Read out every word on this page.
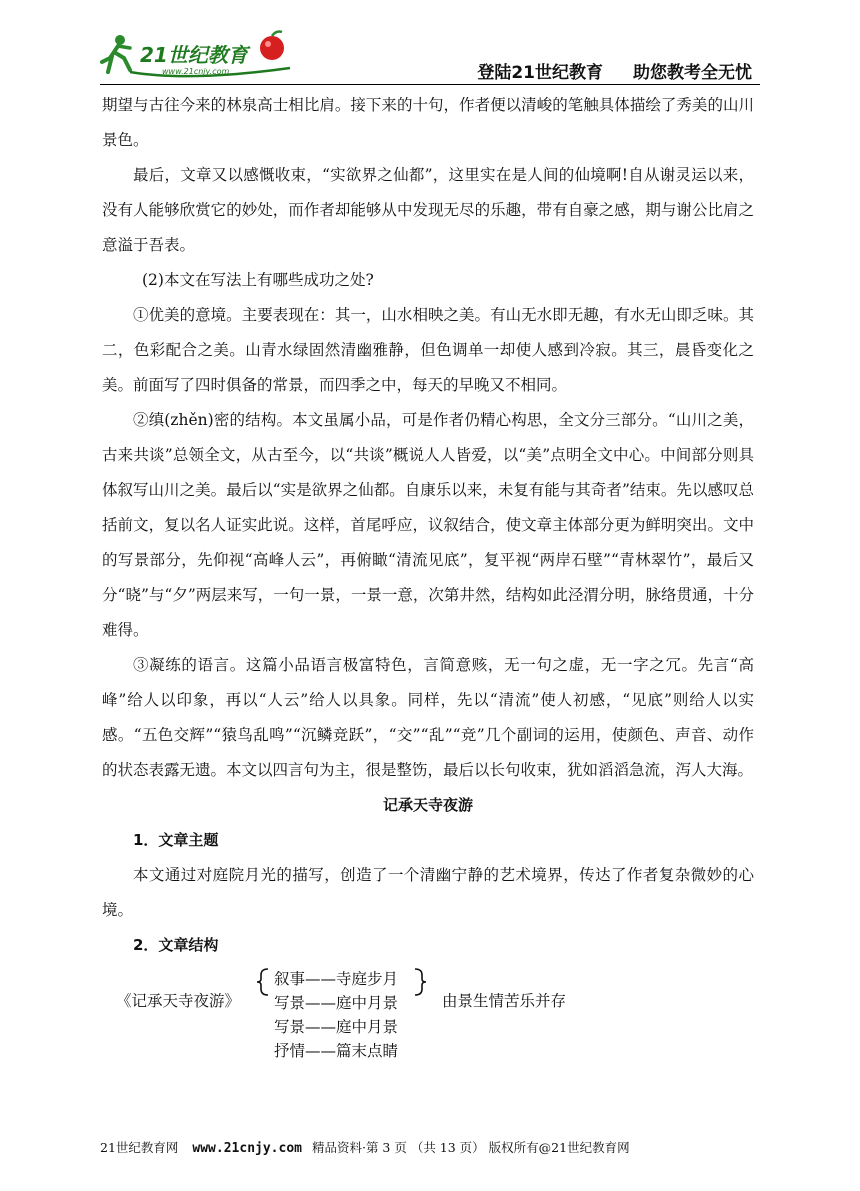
21世纪教育
www.21cnjy.com	登陆21世纪教育 助您教考全无忧

期望与古往今来的林泉高士相比肩。接下来的十句，作者便以清峻的笔触具体描绘了秀美的山川景色。

最后，文章又以感慨收束，“实欲界之仙都”，这里实在是人间的仙境啊!自从谢灵运以来，没有人能够欣赏它的妙处，而作者却能够从中发现无尽的乐趣，带有自豪之感，期与谢公比肩之意溢于吾表。

(2)本文在写法上有哪些成功之处?

①优美的意境。主要表现在：其一，山水相映之美。有山无水即无趣，有水无山即乏味。其二，色彩配合之美。山青水绿固然清幽雅静，但色调单一却使人感到冷寂。其三，晨昏变化之美。前面写了四时俱备的常景，而四季之中，每天的早晚又不相同。

②缜(zhěn)密的结构。本文虽属小品，可是作者仍精心构思，全文分三部分。“山川之美，古来共谈”总领全文，从古至今，以“共谈”概说人人皆爱，以“美”点明全文中心。中间部分则具体叙写山川之美。最后以“实是欲界之仙都。自康乐以来，未复有能与其奇者”结束。先以感叹总括前文，复以名人证实此说。这样，首尾呼应，议叙结合，使文章主体部分更为鲜明突出。文中的写景部分，先仰视“高峰人云”，再俯瞰“清流见底”，复平视“两岸石壁”“青林翠竹”，最后又分“晓”与“夕”两层来写，一句一景，一景一意，次第井然，结构如此泾渭分明，脉络贯通，十分难得。

③凝练的语言。这篇小品语言极富特色，言简意赅，无一句之虚，无一字之冗。先言“高峰”给人以印象，再以“人云”给人以具象。同样，先以“清流”使人初感，“见底”则给人以实感。“五色交辉”“猿鸟乱鸣”“沉鳞竞跃”，“交”“乱”“竞”几个副词的运用，使颜色、声音、动作的状态表露无遗。本文以四言句为主，很是整饬，最后以长句收束，犹如滔滔急流，泻人大海。

记承天寺夜游

1．文章主题

本文通过对庭院月光的描写，创造了一个清幽宁静的艺术境界，传达了作者复杂微妙的心境。

2．文章结构

《记承天寺夜游》
叙事——寺庭步月
写景——庭中月景
写景——庭中月景
抒情——篇末点睛
由景生情苦乐并存
21世纪教育网 www.21cnjy.com 精品资料·第 3 页 （共 13 页） 版权所有@21世纪教育网
